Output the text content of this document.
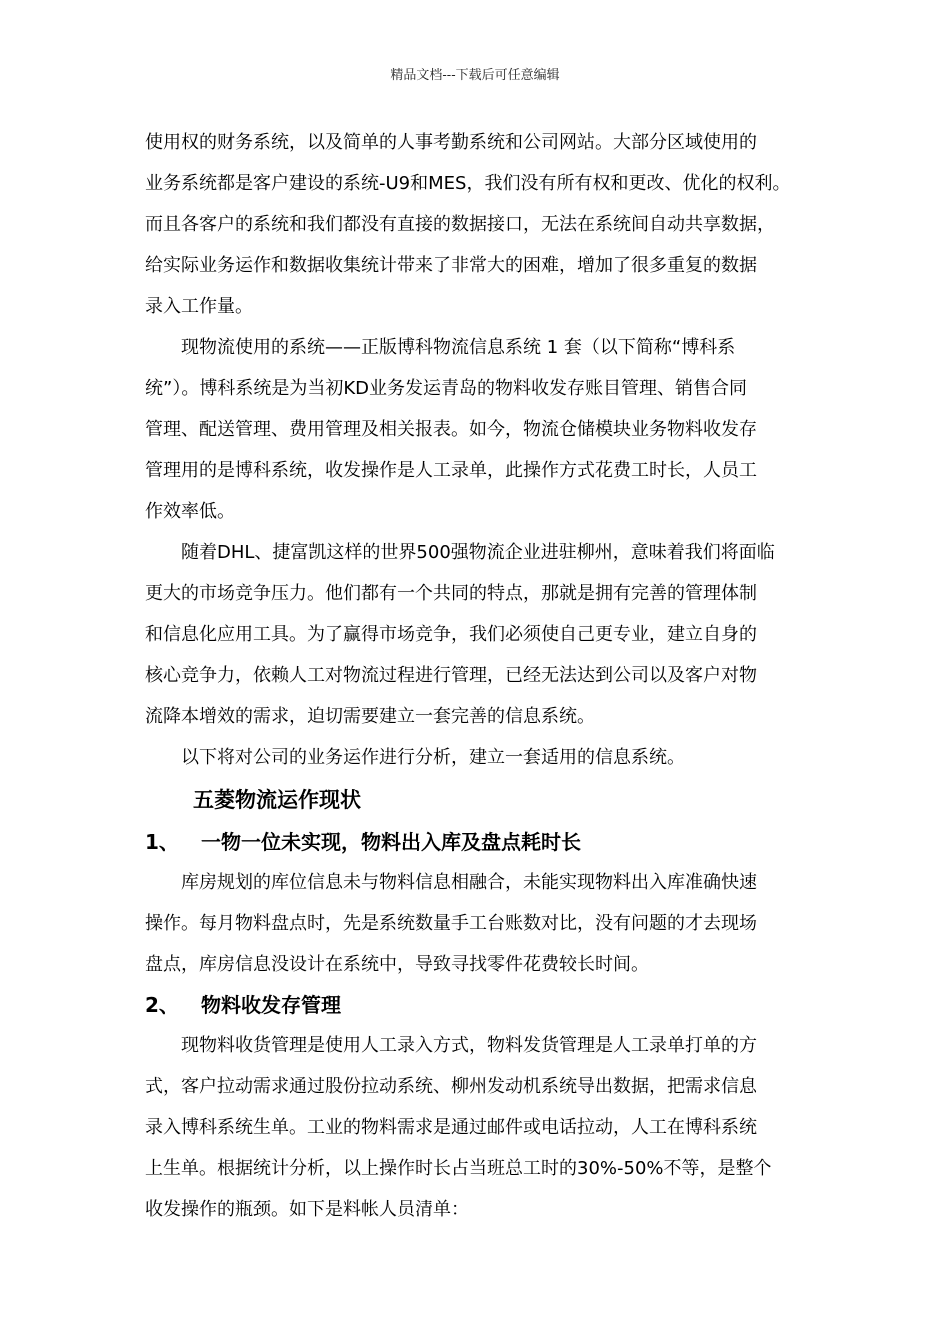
精品文档---下载后可任意编辑
使用权的财务系统，以及简单的人事考勤系统和公司网站。大部分区域使用的
业务系统都是客户建设的系统-U9和MES，我们没有所有权和更改、优化的权利。
而且各客户的系统和我们都没有直接的数据接口，无法在系统间自动共享数据，
给实际业务运作和数据收集统计带来了非常大的困难，增加了很多重复的数据
录入工作量。
现物流使用的系统——正版博科物流信息系统 1 套（以下简称“博科系
统”）。博科系统是为当初KD业务发运青岛的物料收发存账目管理、销售合同
管理、配送管理、费用管理及相关报表。如今，物流仓储模块业务物料收发存
管理用的是博科系统，收发操作是人工录单，此操作方式花费工时长，人员工
作效率低。
随着DHL、捷富凯这样的世界500强物流企业进驻柳州，意味着我们将面临
更大的市场竞争压力。他们都有一个共同的特点，那就是拥有完善的管理体制
和信息化应用工具。为了赢得市场竞争，我们必须使自己更专业，建立自身的
核心竞争力，依赖人工对物流过程进行管理，已经无法达到公司以及客户对物
流降本增效的需求，迫切需要建立一套完善的信息系统。
以下将对公司的业务运作进行分析，建立一套适用的信息系统。
五菱物流运作现状
1、 一物一位未实现，物料出入库及盘点耗时长
库房规划的库位信息未与物料信息相融合，未能实现物料出入库准确快速
操作。每月物料盘点时，先是系统数量手工台账数对比，没有问题的才去现场
盘点，库房信息没设计在系统中，导致寻找零件花费较长时间。
2、 物料收发存管理
现物料收货管理是使用人工录入方式，物料发货管理是人工录单打单的方
式，客户拉动需求通过股份拉动系统、柳州发动机系统导出数据，把需求信息
录入博科系统生单。工业的物料需求是通过邮件或电话拉动，人工在博科系统
上生单。根据统计分析，以上操作时长占当班总工时的30%-50%不等，是整个
收发操作的瓶颈。如下是料帐人员清单：
